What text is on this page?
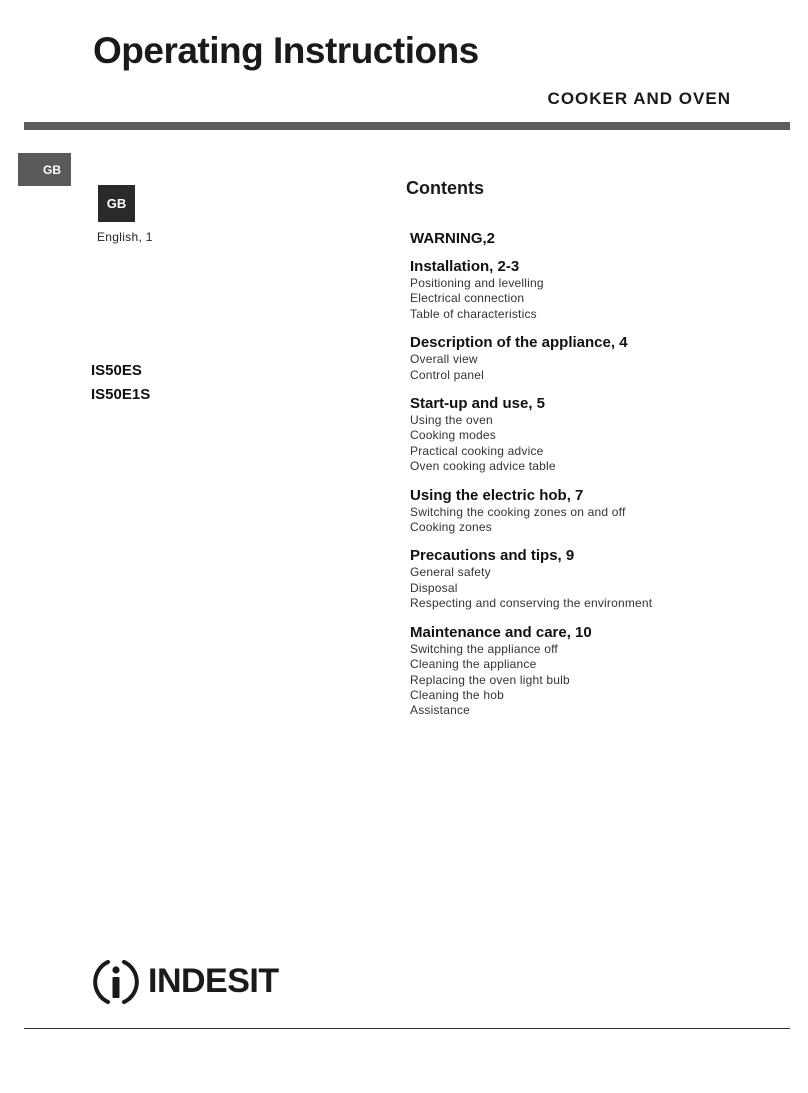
Operating Instructions
COOKER AND OVEN
GB
GB
English, 1
IS50ES
IS50E1S
Contents
WARNING,2
Installation, 2-3
Positioning and levelling
Electrical connection
Table of characteristics
Description of the appliance, 4
Overall view
Control panel
Start-up and use, 5
Using the oven
Cooking modes
Practical cooking advice
Oven cooking advice table
Using the electric hob, 7
Switching the cooking zones on and off
Cooking zones
Precautions and tips, 9
General safety
Disposal
Respecting and conserving the environment
Maintenance and care, 10
Switching the appliance off
Cleaning the appliance
Replacing the oven light bulb
Cleaning the hob
Assistance
INDESIT
